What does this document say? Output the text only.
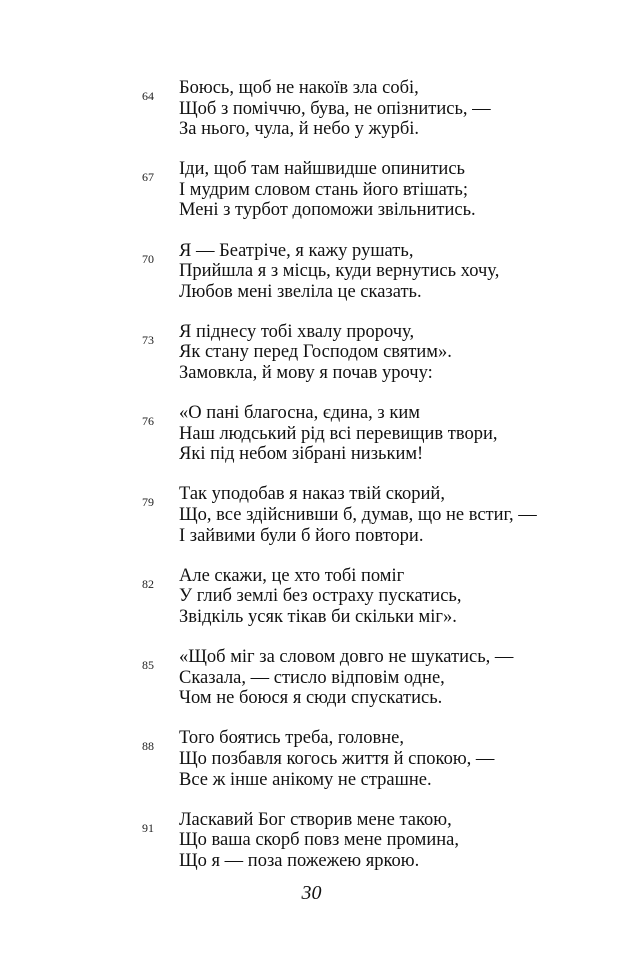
64 Боюсь, щоб не накоїв зла собі,
Щоб з поміччю, бува, не опізнитись, —
За нього, чула, й небо у журбі.
67 Іди, щоб там найшвидше опинитись
І мудрим словом стань його втішать;
Мені з турбот допоможи звільнитись.
70 Я — Беатріче, я кажу рушать,
Прийшла я з місць, куди вернутись хочу,
Любов мені звеліла це сказать.
73 Я піднесу тобі хвалу пророчу,
Як стану перед Господом святим».
Замовкла, й мову я почав урочу:
76 «О пані благосна, єдина, з ким
Наш людський рід всі перевищив твори,
Які під небом зібрані низьким!
79 Так уподобав я наказ твій скорий,
Що, все здійснивши б, думав, що не встиг, —
І зайвими були б його повтори.
82 Але скажи, це хто тобі поміг
У глиб землі без остраху пускатись,
Звідкіль усяк тікав би скільки міг».
85 «Щоб міг за словом довго не шукатись, —
Сказала, — стисло відповім одне,
Чом не боюся я сюди спускатись.
88 Того боятись треба, головне,
Що позбавля когось життя й спокою, —
Все ж інше анікому не страшне.
91 Ласкавий Бог створив мене такою,
Що ваша скорб повз мене промина,
Що я — поза пожежею яркою.
30
